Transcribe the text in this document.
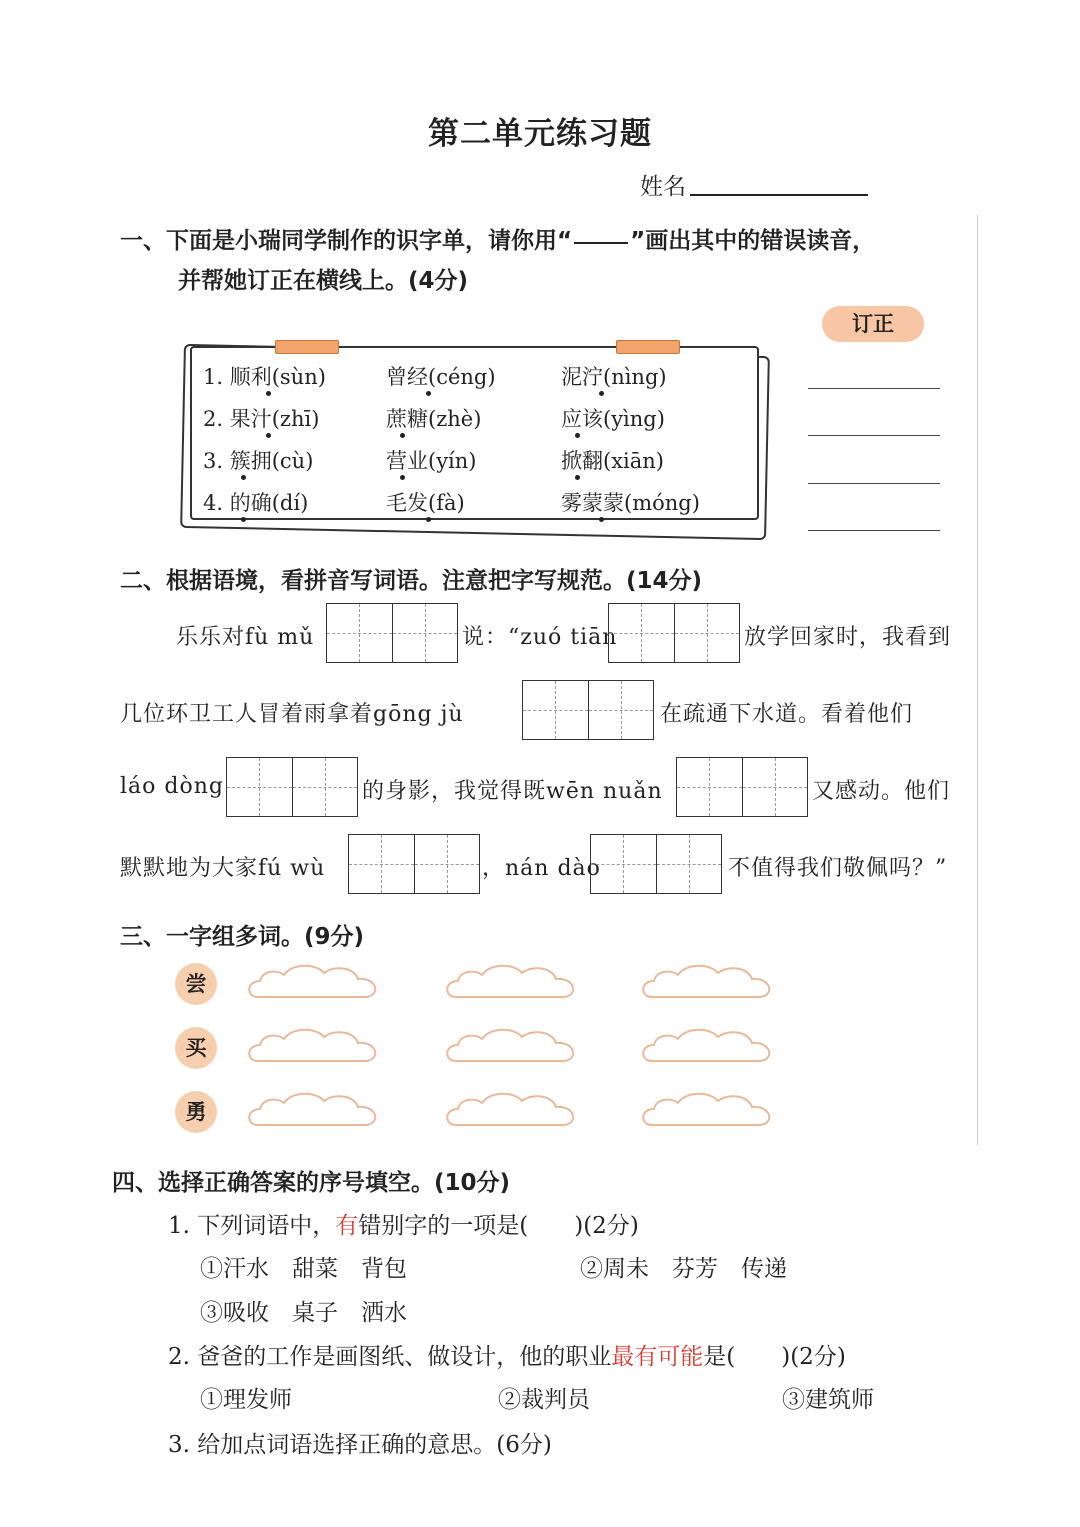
第二单元练习题
姓名
一、下面是小瑞同学制作的识字单，请你用“	”画出其中的错误读音，
并帮她订正在横线上。(4分)
1. 顺利(sùn)	曾经(céng)	泥泞(nìng)
2. 果汁(zhī)	蔗糖(zhè)	应该(yìng)
3. 簇拥(cù)	营业(yín)	掀翻(xiān)
4. 的确(dí)	毛发(fà)	雾蒙蒙(móng)
订正
二、根据语境，看拼音写词语。注意把字写规范。(14分)
乐乐对fù mǔ	说：“zuó tiān	放学回家时，我看到
几位环卫工人冒着雨拿着gōng jù	在疏通下水道。看着他们
láo dòng	的身影，我觉得既wēn nuǎn	又感动。他们
默默地为大家fú wù	，nán dào	不值得我们敬佩吗？”
三、一字组多词。(9分)
尝
买
勇
四、选择正确答案的序号填空。(10分)
1. 下列词语中，有错别字的一项是(　　)(2分)
①汗水　甜菜　背包	②周未　芬芳　传递
③吸收　桌子　洒水
2. 爸爸的工作是画图纸、做设计，他的职业最有可能是(　　)(2分)
①理发师	②裁判员	③建筑师
3. 给加点词语选择正确的意思。(6分)
